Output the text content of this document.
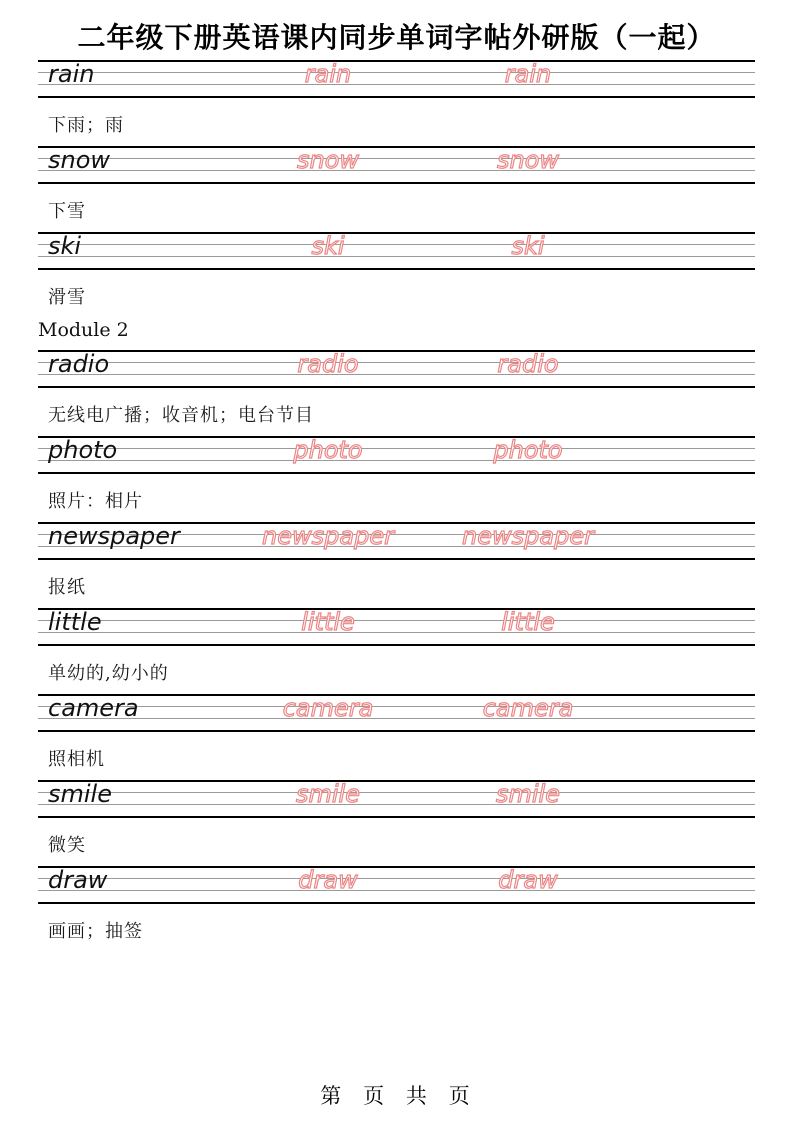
二年级下册英语课内同步单词字帖外研版（一起）
rain	rain	rain
下雨；雨
snow	snow	snow
下雪
ski	ski	ski
滑雪
Module 2
radio	radio	radio
无线电广播；收音机；电台节目
photo	photo	photo
照片：相片
newspaper	newspaper	newspaper
报纸
little	little	little
单幼的,幼小的
camera	camera	camera
照相机
smile	smile	smile
微笑
draw	draw	draw
画画；抽签
第 页 共 页
